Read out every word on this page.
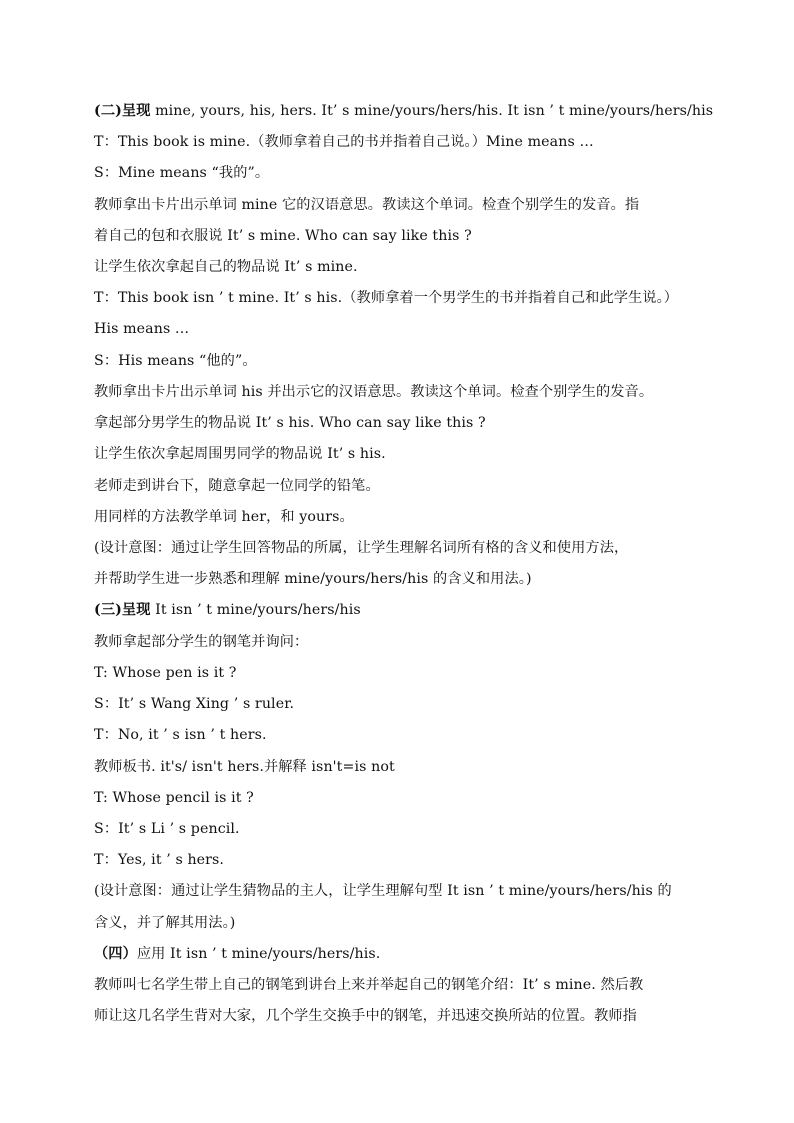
(二)呈现 mine, yours, his, hers. It’ s mine/yours/hers/his. It isn ’ t mine/yours/hers/his
T：This book is mine.（教师拿着自己的书并指着自己说。）Mine means …
S：Mine means “我的”。
教师拿出卡片出示单词 mine 它的汉语意思。教读这个单词。检查个别学生的发音。指
着自己的包和衣服说 It’ s mine. Who can say like this ?
让学生依次拿起自己的物品说 It’ s mine.
T：This book isn ’ t mine. It’ s his.（教师拿着一个男学生的书并指着自己和此学生说。）
His means …
S：His means “他的”。
教师拿出卡片出示单词 his 并出示它的汉语意思。教读这个单词。检查个别学生的发音。
拿起部分男学生的物品说 It’ s his. Who can say like this ?
让学生依次拿起周围男同学的物品说 It’ s his.
老师走到讲台下，随意拿起一位同学的铅笔。
用同样的方法教学单词 her，和 yours。
(设计意图：通过让学生回答物品的所属，让学生理解名词所有格的含义和使用方法，
并帮助学生进一步熟悉和理解 mine/yours/hers/his 的含义和用法。)
(三)呈现 It isn ’ t mine/yours/hers/his
教师拿起部分学生的钢笔并询问：
T: Whose pen is it ?
S：It’ s Wang Xing ’ s ruler.
T：No, it ’ s isn ’ t hers.
教师板书. it's/ isn't hers.并解释 isn't=is not
T: Whose pencil is it ?
S：It’ s Li ’ s pencil.
T：Yes, it ’ s hers.
(设计意图：通过让学生猜物品的主人，让学生理解句型 It isn ’ t mine/yours/hers/his 的
含义，并了解其用法。)
（四）应用 It isn ’ t mine/yours/hers/his.
教师叫七名学生带上自己的钢笔到讲台上来并举起自己的钢笔介绍：It’ s mine. 然后教
师让这几名学生背对大家，几个学生交换手中的钢笔，并迅速交换所站的位置。教师指
